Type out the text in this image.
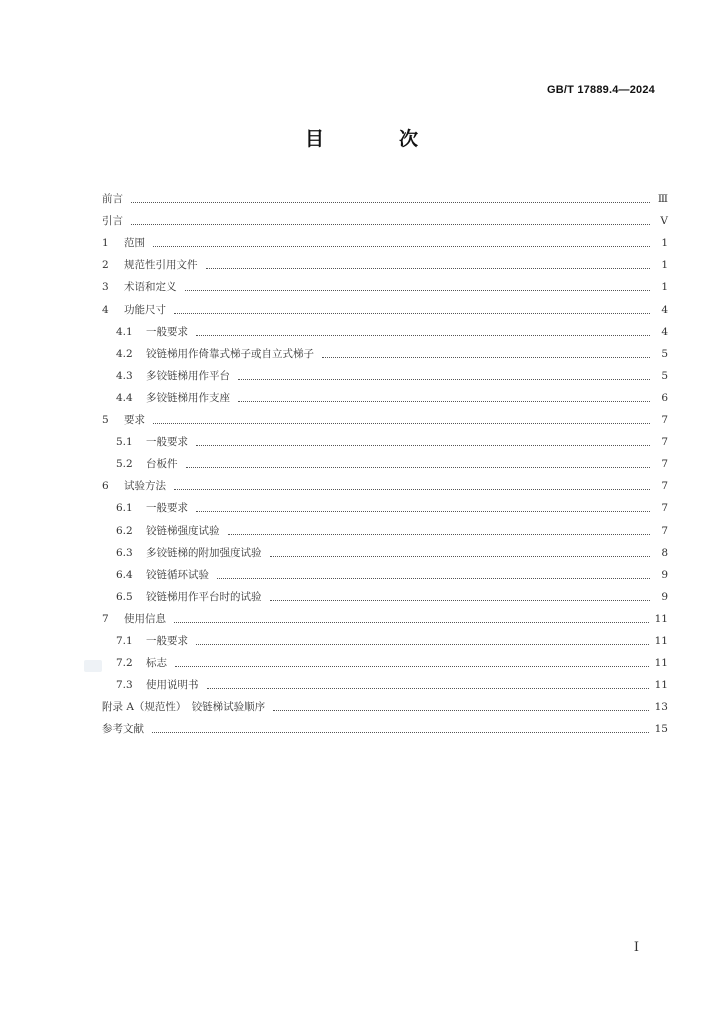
GB/T 17889.4—2024
目　次
前言	Ⅲ
引言	Ⅴ
1	范围	1
2	规范性引用文件	1
3	术语和定义	1
4	功能尺寸	4
4.1	一般要求	4
4.2	铰链梯用作倚靠式梯子或自立式梯子	5
4.3	多铰链梯用作平台	5
4.4	多铰链梯用作支座	6
5	要求	7
5.1	一般要求	7
5.2	台板件	7
6	试验方法	7
6.1	一般要求	7
6.2	铰链梯强度试验	7
6.3	多铰链梯的附加强度试验	8
6.4	铰链循环试验	9
6.5	铰链梯用作平台时的试验	9
7	使用信息	11
7.1	一般要求	11
7.2	标志	11
7.3	使用说明书	11
附录 A（规范性）　铰链梯试验顺序	13
参考文献	15
Ⅰ
